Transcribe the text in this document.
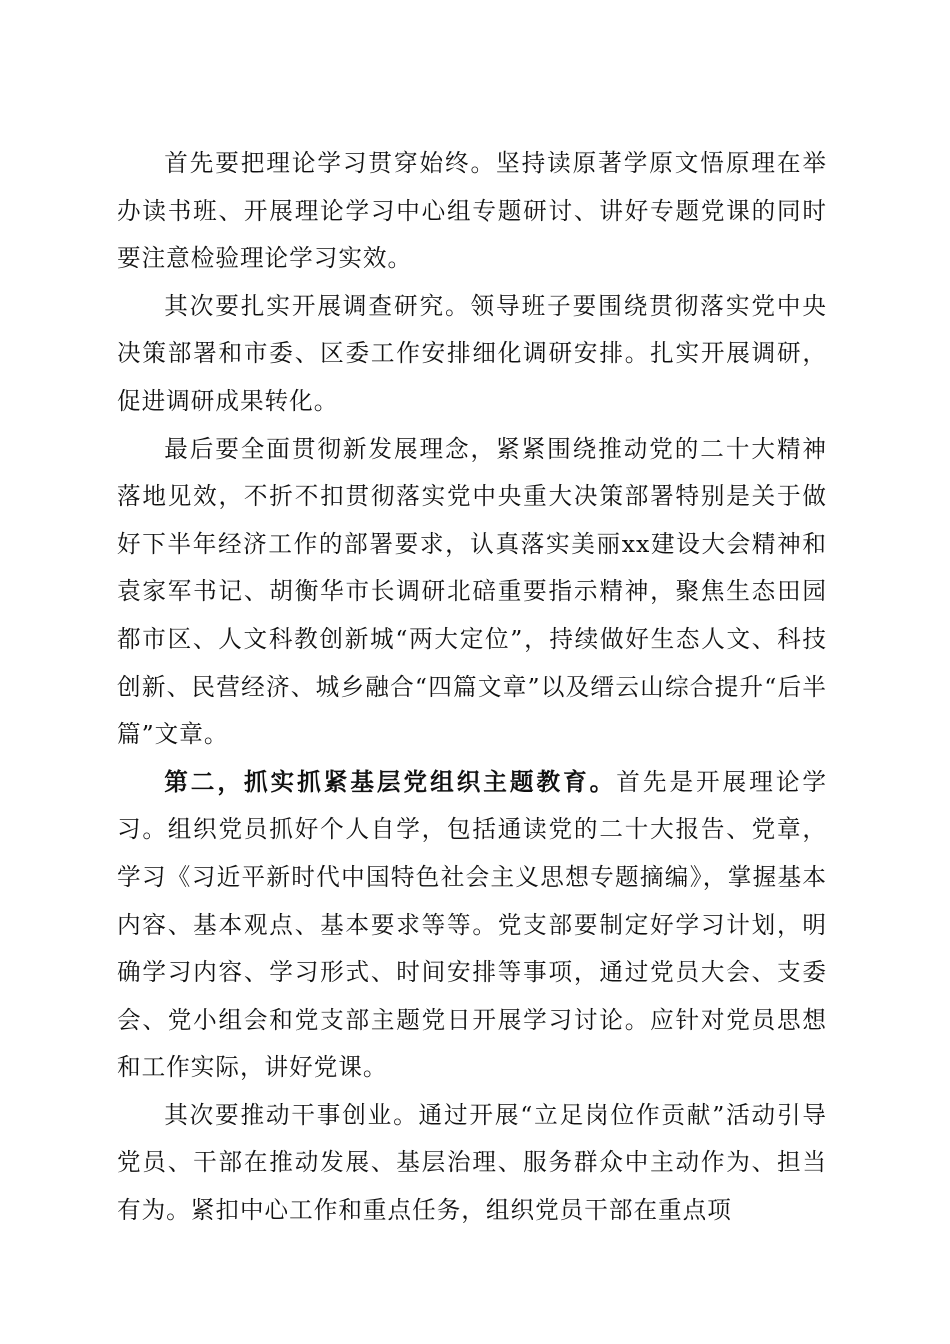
首先要把理论学习贯穿始终。坚持读原著学原文悟原理在举办读书班、开展理论学习中心组专题研讨、讲好专题党课的同时要注意检验理论学习实效。

其次要扎实开展调查研究。领导班子要围绕贯彻落实党中央决策部署和市委、区委工作安排细化调研安排。扎实开展调研，促进调研成果转化。

最后要全面贯彻新发展理念，紧紧围绕推动党的二十大精神落地见效，不折不扣贯彻落实党中央重大决策部署特别是关于做好下半年经济工作的部署要求，认真落实美丽xx建设大会精神和袁家军书记、胡衡华市长调研北碚重要指示精神，聚焦生态田园都市区、人文科教创新城“两大定位”，持续做好生态人文、科技创新、民营经济、城乡融合“四篇文章”以及缙云山综合提升“后半篇”文章。

第二，抓实抓紧基层党组织主题教育。首先是开展理论学习。组织党员抓好个人自学，包括通读党的二十大报告、党章，学习《习近平新时代中国特色社会主义思想专题摘编》，掌握基本内容、基本观点、基本要求等等。党支部要制定好学习计划，明确学习内容、学习形式、时间安排等事项，通过党员大会、支委会、党小组会和党支部主题党日开展学习讨论。应针对党员思想和工作实际，讲好党课。

其次要推动干事创业。通过开展“立足岗位作贡献”活动引导党员、干部在推动发展、基层治理、服务群众中主动作为、担当有为。紧扣中心工作和重点任务，组织党员干部在重点项
